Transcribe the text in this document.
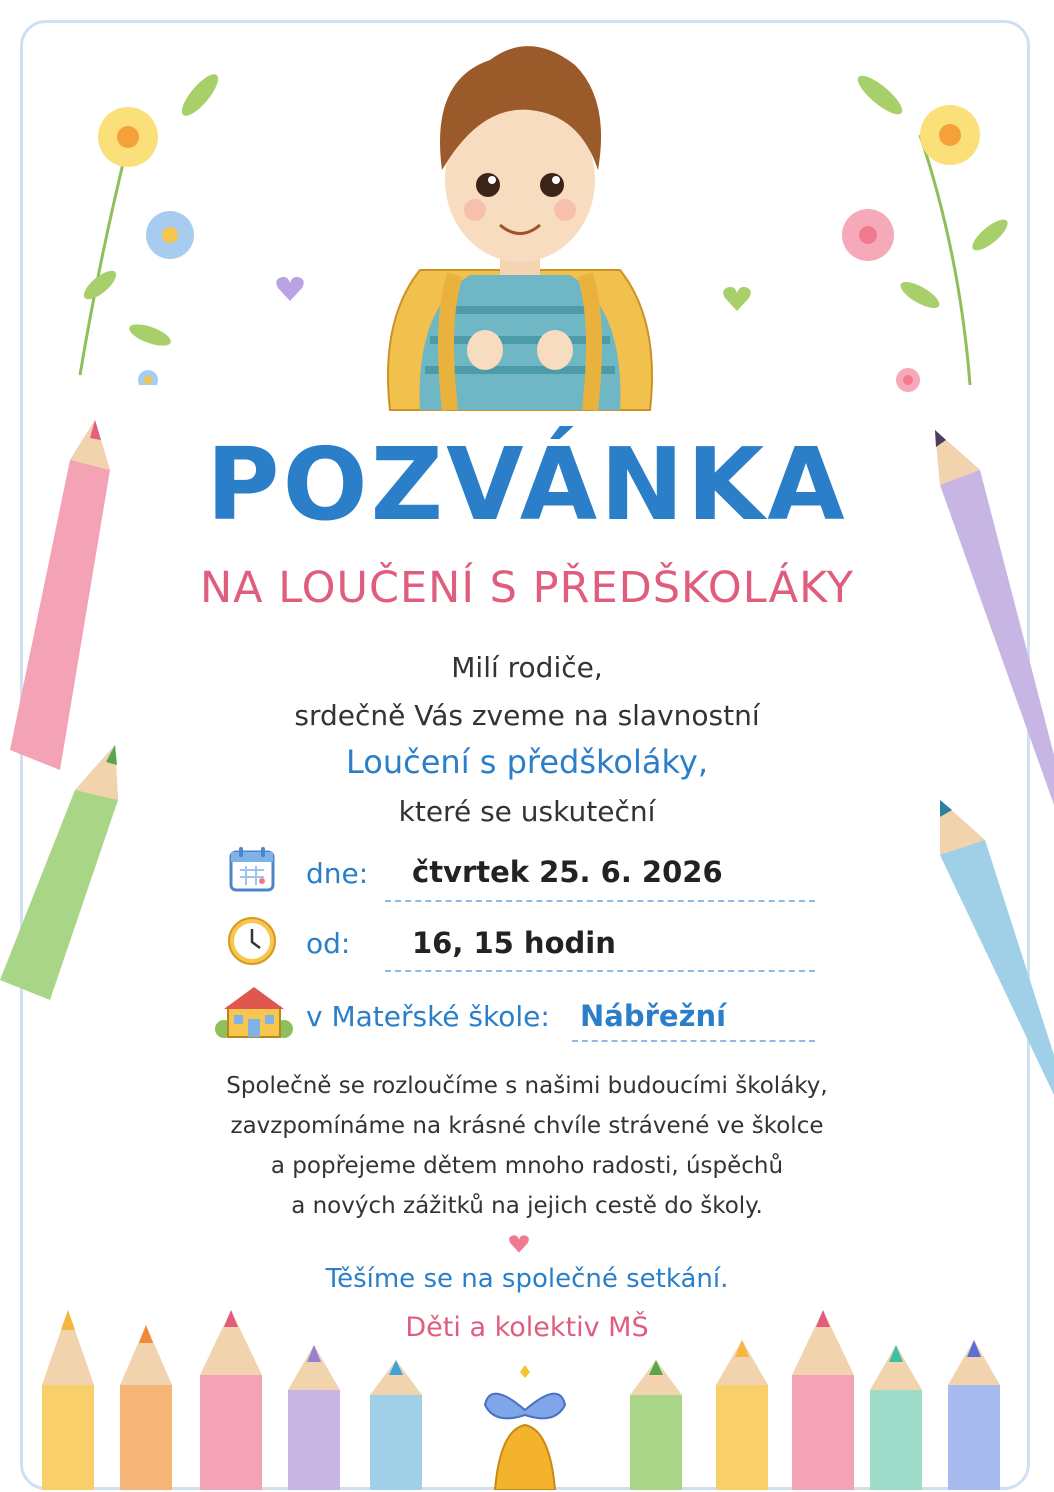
POZVÁNKA
NA LOUČENÍ S PŘEDŠKOLÁKY
Milí rodiče,
srdečně Vás zveme na slavnostní
Loučení s předškoláky,
které se uskuteční
dne: čtvrtek 25. 6. 2026
od: 16, 15 hodin
v Mateřské škole: Nábřežní
Společně se rozloučíme s našimi budoucími školáky,
zavzpomínáme na krásné chvíle strávené ve školce
a popřejeme dětem mnoho radosti, úspěchů
a nových zážitků na jejich cestě do školy.
Těšíme se na společné setkání.
Děti a kolektiv MŠ
